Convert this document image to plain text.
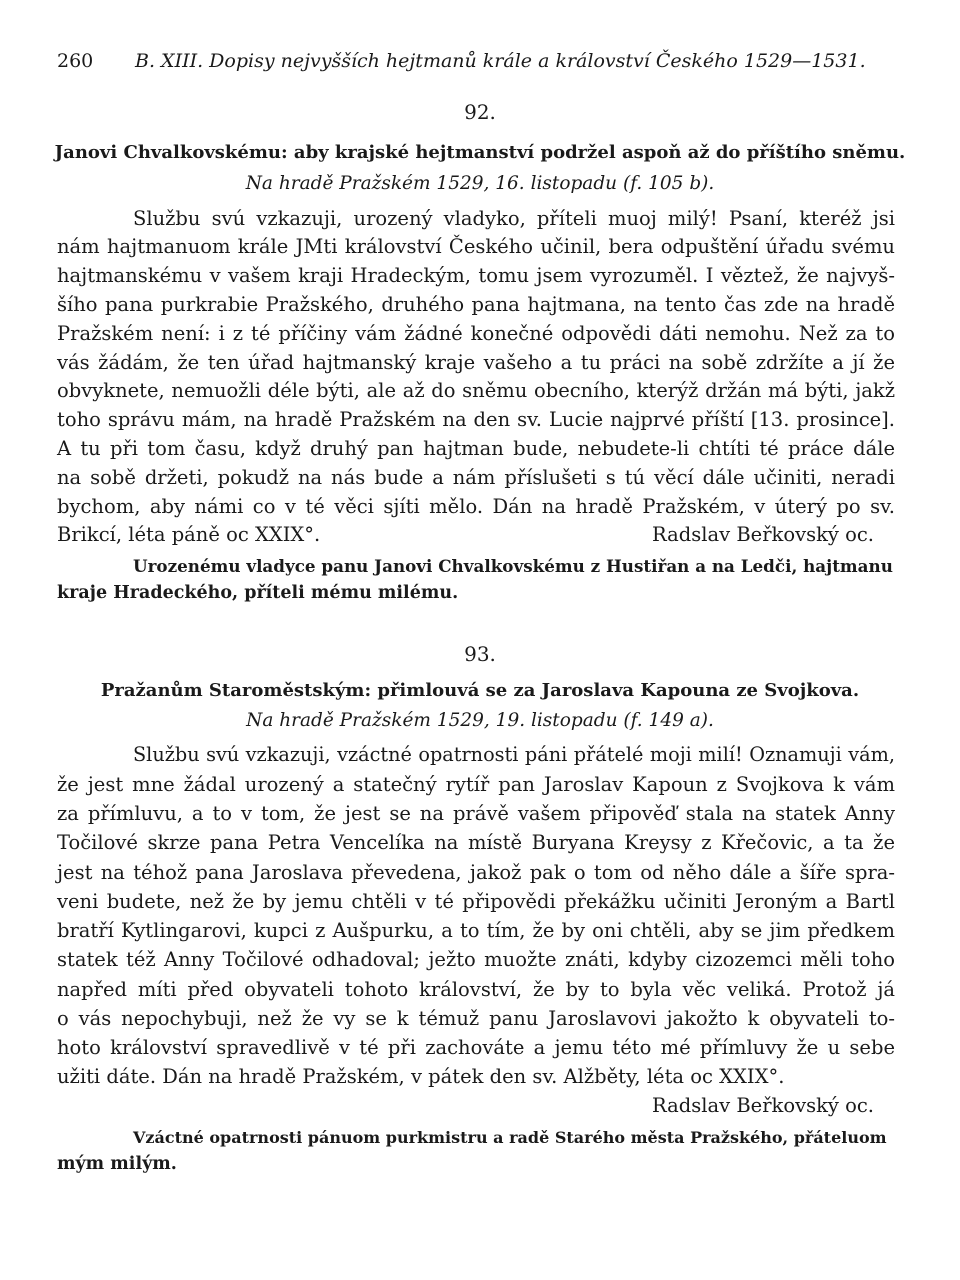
260 B. XIII. Dopisy nejvyšších hejtmanů krále a království Českého 1529—1531.
92.
Janovi Chvalkovskému: aby krajské hejtmanství podržel aspoň až do příštího sněmu.
Na hradě Pražském 1529, 16. listopadu (f. 105 b).
Službu svú vzkazuji, urozený vladyko, příteli muoj milý! Psaní, kteréž jsi
nám hajtmanuom krále JMti království Českého učinil, bera odpuštění úřadu svému
hajtmanskému v vašem kraji Hradeckým, tomu jsem vyrozuměl. I věztež, že najvyš-
šího pana purkrabie Pražského, druhého pana hajtmana, na tento čas zde na hradě
Pražském není: i z té příčiny vám žádné konečné odpovědi dáti nemohu. Než za to
vás žádám, že ten úřad hajtmanský kraje vašeho a tu práci na sobě zdržíte a jí že
obvyknete, nemuožli déle býti, ale až do sněmu obecního, kterýž držán má býti, jakž
toho správu mám, na hradě Pražském na den sv. Lucie najprvé příští [13. prosince].
A tu při tom času, když druhý pan hajtman bude, nebudete-li chtíti té práce dále
na sobě držeti, pokudž na nás bude a nám příslušeti s tú věcí dále učiniti, neradi
bychom, aby námi co v té věci sjíti mělo. Dán na hradě Pražském, v úterý po sv.
Brikcí, léta páně oc XXIX°.	Radslav Beřkovský oc.
Urozenému vladyce panu Janovi Chvalkovskému z Hustiřan a na Ledči, hajtmanu
kraje Hradeckého, příteli mému milému.
93.
Pražanům Staroměstským: přimlouvá se za Jaroslava Kapouna ze Svojkova.
Na hradě Pražském 1529, 19. listopadu (f. 149 a).
Službu svú vzkazuji, vzáctné opatrnosti páni přátelé moji milí! Oznamuji vám,
že jest mne žádal urozený a statečný rytíř pan Jaroslav Kapoun z Svojkova k vám
za přímluvu, a to v tom, že jest se na právě vašem připověď stala na statek Anny
Točilové skrze pana Petra Vencelíka na místě Buryana Kreysy z Křečovic, a ta že
jest na téhož pana Jaroslava převedena, jakož pak o tom od něho dále a šíře spra-
veni budete, než že by jemu chtěli v té připovědi překážku učiniti Jeroným a Bartl
bratří Kytlingarovi, kupci z Aušpurku, a to tím, že by oni chtěli, aby se jim předkem
statek též Anny Točilové odhadoval; ježto muožte znáti, kdyby cizozemci měli toho
napřed míti před obyvateli tohoto království, že by to byla věc veliká. Protož já
o vás nepochybuji, než že vy se k témuž panu Jaroslavovi jakožto k obyvateli to-
hoto království spravedlivě v té při zachováte a jemu této mé přímluvy že u sebe
užiti dáte. Dán na hradě Pražském, v pátek den sv. Alžběty, léta oc XXIX°.
Radslav Beřkovský oc.
Vzáctné opatrnosti pánuom purkmistru a radě Starého města Pražského, přáteluom
mým milým.
